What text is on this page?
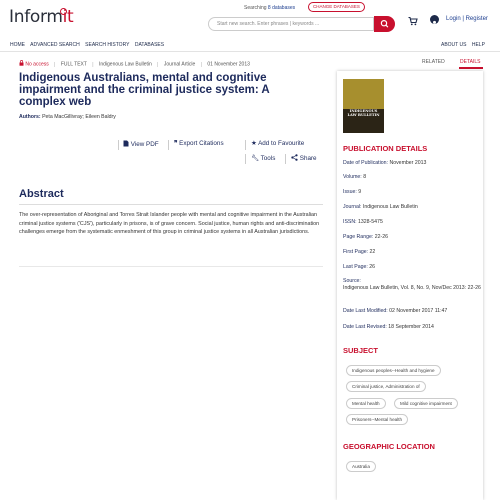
Informit	Searching 8 databases	CHANGE DATABASES
Start new search. Enter phrases | keywords ...
Login | Register
HOME ADVANCED SEARCH SEARCH HISTORY DATABASES	ABOUT US HELP
No access | FULL TEXT | Indigenous Law Bulletin | Journal Article | 01 November 2013
Indigenous Australians, mental and cognitive impairment and the criminal justice system: A complex web
Authors: Peta MacGillivray; Eileen Baldry
View PDF ❞ Export Citations	★ Add to Favourite
🔧︎ Tools	Share
Abstract

The over-representation of Aboriginal and Torres Strait Islander people with mental and cognitive impairment in the Australian criminal justice systems ('CJS'), particularly in prisons, is of grave concern. Social justice, human rights and anti-discrimination challenges emerge from the systematic enmeshment of this group in criminal justice systems in all Australian jurisdictions.

RELATED	DETAILS
INDIGENOUS LAW BULLETIN
PUBLICATION DETAILS
Date of Publication: November 2013
Volume: 8
Issue: 9
Journal: Indigenous Law Bulletin
ISSN: 1328-5475
Page Range: 22-26
First Page: 22
Last Page: 26
Source:
Indigenous Law Bulletin, Vol. 8, No. 9, Nov/Dec 2013: 22-26
Date Last Modified: 02 November 2017 11:47
Date Last Revised: 18 September 2014
SUBJECT
Indigenous peoples--Health and hygiene
Criminal justice, Administration of
Mental health	Mild cognitive impairment
Prisoners--Mental health
GEOGRAPHIC LOCATION
Australia
